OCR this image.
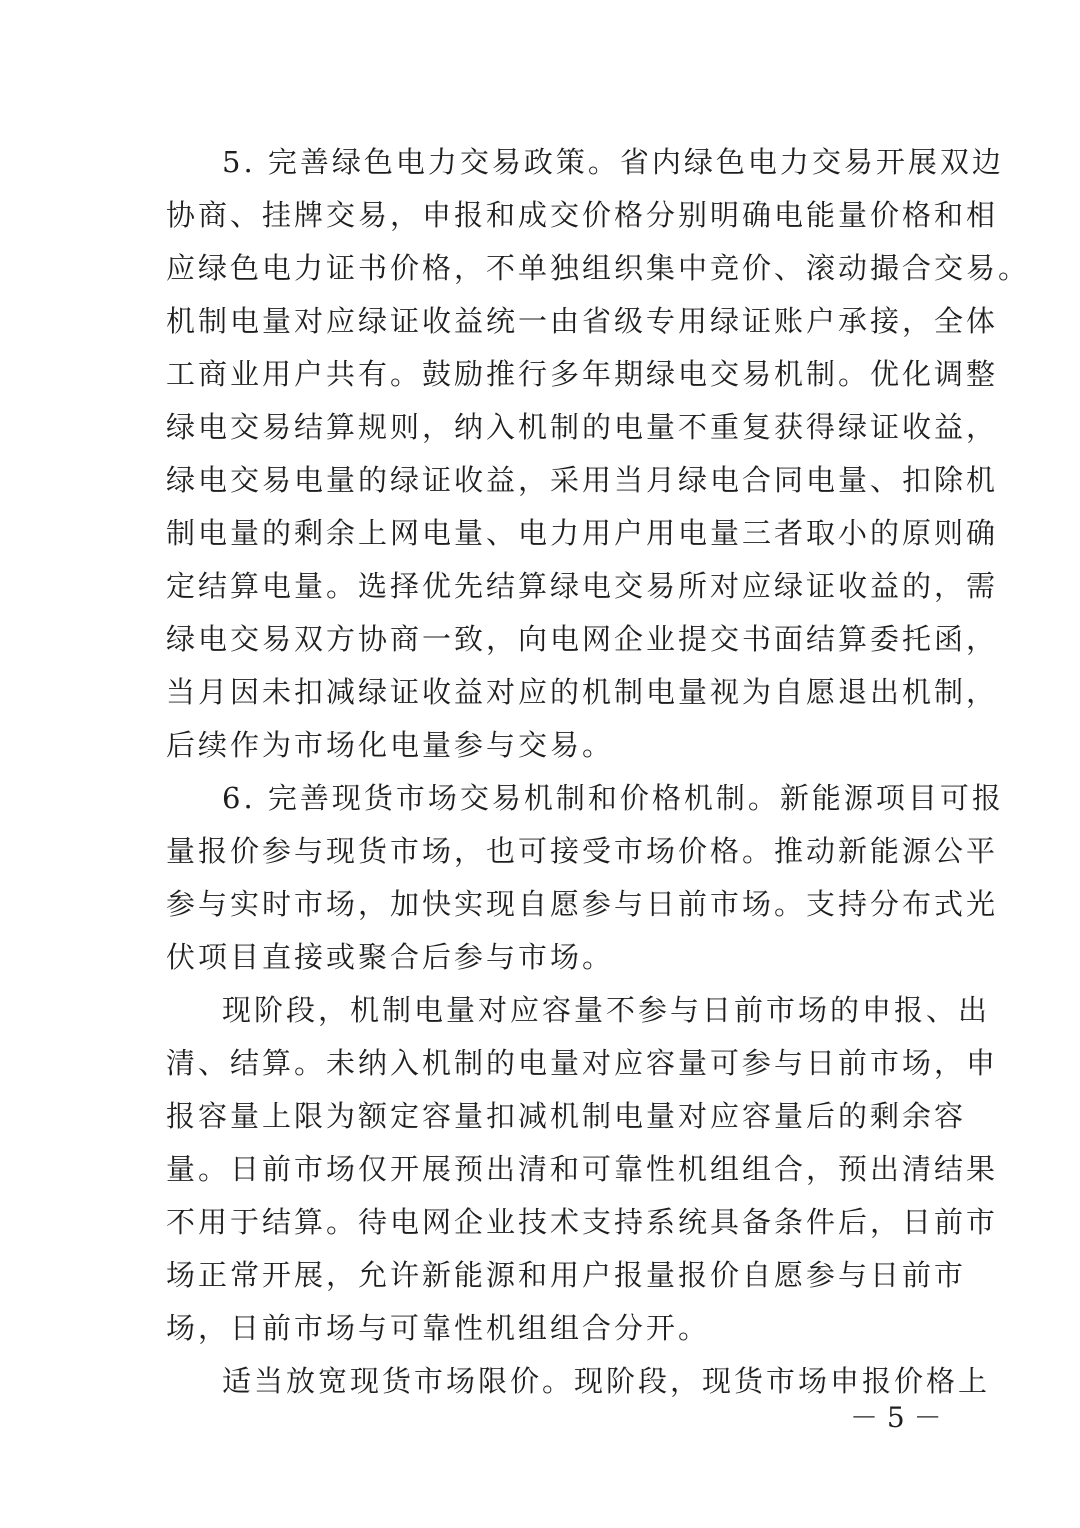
5. 完善绿色电力交易政策。省内绿色电力交易开展双边
协商、挂牌交易，申报和成交价格分别明确电能量价格和相
应绿色电力证书价格，不单独组织集中竞价、滚动撮合交易。
机制电量对应绿证收益统一由省级专用绿证账户承接，全体
工商业用户共有。鼓励推行多年期绿电交易机制。优化调整
绿电交易结算规则，纳入机制的电量不重复获得绿证收益，
绿电交易电量的绿证收益，采用当月绿电合同电量、扣除机
制电量的剩余上网电量、电力用户用电量三者取小的原则确
定结算电量。选择优先结算绿电交易所对应绿证收益的，需
绿电交易双方协商一致，向电网企业提交书面结算委托函，
当月因未扣减绿证收益对应的机制电量视为自愿退出机制，
后续作为市场化电量参与交易。
6. 完善现货市场交易机制和价格机制。新能源项目可报
量报价参与现货市场，也可接受市场价格。推动新能源公平
参与实时市场，加快实现自愿参与日前市场。支持分布式光
伏项目直接或聚合后参与市场。
现阶段，机制电量对应容量不参与日前市场的申报、出
清、结算。未纳入机制的电量对应容量可参与日前市场，申
报容量上限为额定容量扣减机制电量对应容量后的剩余容
量。日前市场仅开展预出清和可靠性机组组合，预出清结果
不用于结算。待电网企业技术支持系统具备条件后，日前市
场正常开展，允许新能源和用户报量报价自愿参与日前市
场，日前市场与可靠性机组组合分开。
适当放宽现货市场限价。现阶段，现货市场申报价格上
－ 5 －
